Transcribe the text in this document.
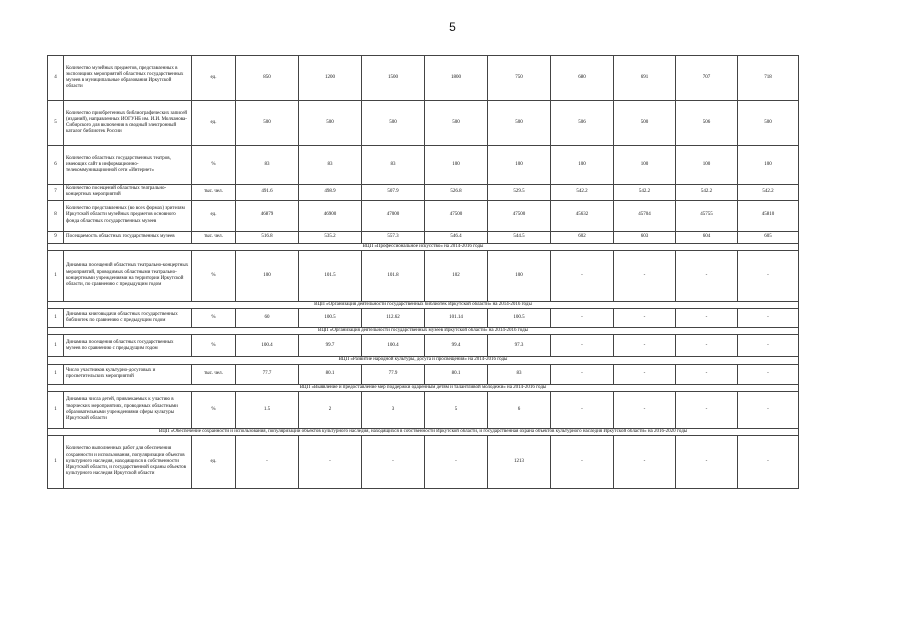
5
4	Количество музейных предметов, представленных в экспозициях мероприятий областных государственных музеев в муниципальные образования Иркутской области	ед.	850	1200	1500	1800	750	680	691	707	718
5	Количество приобретенных библиографических записей (изданий), направленных ИОГУНБ им. И.И. Молчанова-Сибирского для включения в сводный электронный каталог библиотек России	ед.	500	500	500	500	500	506	500	506	500
6	Количество областных государственных театров, имеющих сайт в информационно-телекоммуникационной сети «Интернет»	%	83	83	83	100	100	100	100	100	100
7	Количество посещений областных театрально-концертных мероприятий	тыс. чел.	491.6	498.9	507.9	526.8	529.5	542.2	542.2	542.2	542.2
8	Количество представленных (во всех формах) зрителям Иркутской области музейных предметов основного фонда областных государственных музеев	ед.	46879	46900	47000	47500	47500	45632	45704	45755	45810
9	Посещаемость областных государственных музеев	тыс. чел.	516.8	535.2	557.3	546.4	544.5	602	603	604	605
ВЦП «Профессиональное искусство» на 2014-2016 годы											
1	Динамика посещений областных театрально-концертных мероприятий, проводимых областными театрально-концертными учреждениями на территории Иркутской области, по сравнению с предыдущим годом	%	100	101.5	101.8	102	100	-	-	-	-
ВЦП «Организация деятельности государственных библиотек Иркутской области» на 2014-2016 годы											
1	Динамика книговыдачи областных государственных библиотек по сравнению с предыдущим годом	%	60	100.5	112.62	101.14	100.5	-	-	-	-
ВЦП «Организация деятельности государственных музеев Иркутской области» на 2014-2016 годы											
1	Динамика посещения областных государственных музеев по сравнению с предыдущим годом	%	100.4	99.7	100.4	99.4	97.3	-	-	-	-
ВЦП «Развитие народной культуры, досуга и просвещения» на 2014-2016 годы											
1	Число участников культурно-досуговых и просветительских мероприятий	тыс. чел.	77.7	80.1	77.9	80.1	83	-	-	-	-
ВЦП «Выявление и предоставление мер поддержки одаренным детям и талантливой молодежи» на 2014-2016 годы											
1	Динамика числа детей, привлекаемых к участию в творческих мероприятиях, проводимых областными образовательными учреждениями сферы культуры Иркутской области	%	1.5	2	3	5	6	-	-	-	-
ВЦП «Обеспечение сохранности и использования, популяризации объектов культурного наследия, находящихся в собственности Иркутской области, и государственная охрана объектов культурного наследия Иркутской области» на 2016-2020 годы											
1	Количество выполненных работ для обеспечения сохранности и использования, популяризации объектов культурного наследия, находящихся в собственности Иркутской области, и государственной охраны объектов культурного наследия Иркутской области	ед.	-	-	-	-	1213	-	-	-	-
